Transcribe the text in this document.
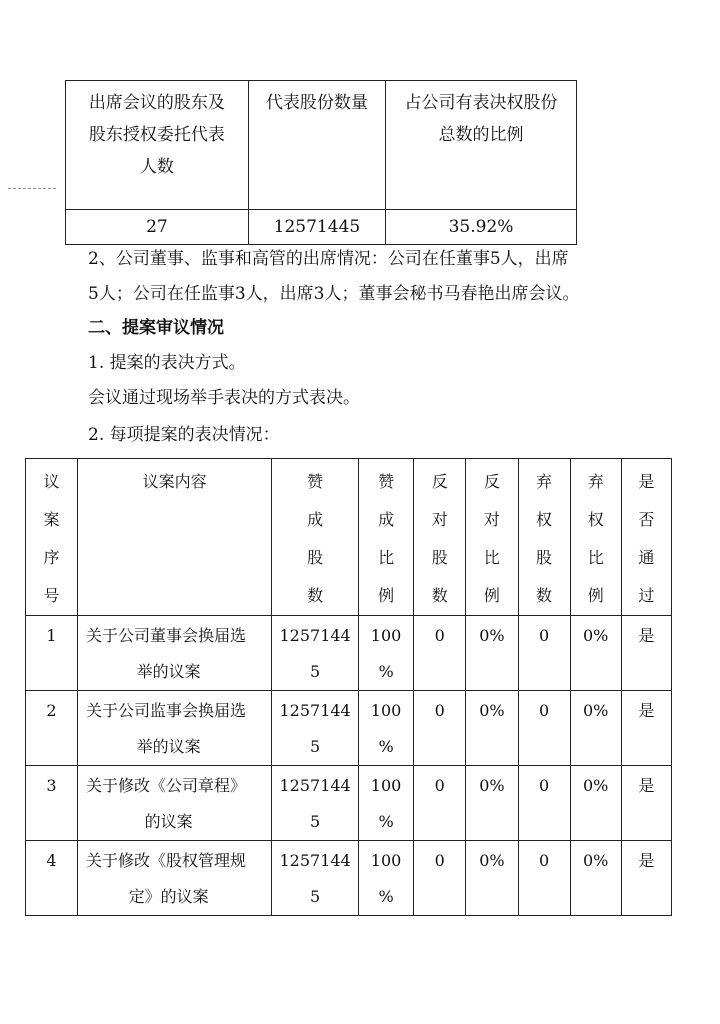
出席会议的股东及股东授权委托代表人数	代表股份数量	占公司有表决权股份总数的比例

27	12571445	35.92%
2、公司董事、监事和高管的出席情况：公司在任董事5人，出席
5人；公司在任监事3人，出席3人；董事会秘书马春艳出席会议。
二、提案审议情况
1. 提案的表决方式。
会议通过现场举手表决的方式表决。
2. 每项提案的表决情况：
议
案
序
号	议案内容	赞
成
股
数	赞
成
比
例	反
对
股
数	反
对
比
例	弃
权
股
数	弃
权
比
例	是
否
通
过

1	关于公司董事会换届选
举的议案	1257144
5	100
%	0	0%	0	0%	是
2	关于公司监事会换届选
举的议案	1257144
5	100
%	0	0%	0	0%	是
3	关于修改《公司章程》
的议案	1257144
5	100
%	0	0%	0	0%	是
4	关于修改《股权管理规
定》的议案	1257144
5	100
%	0	0%	0	0%	是
